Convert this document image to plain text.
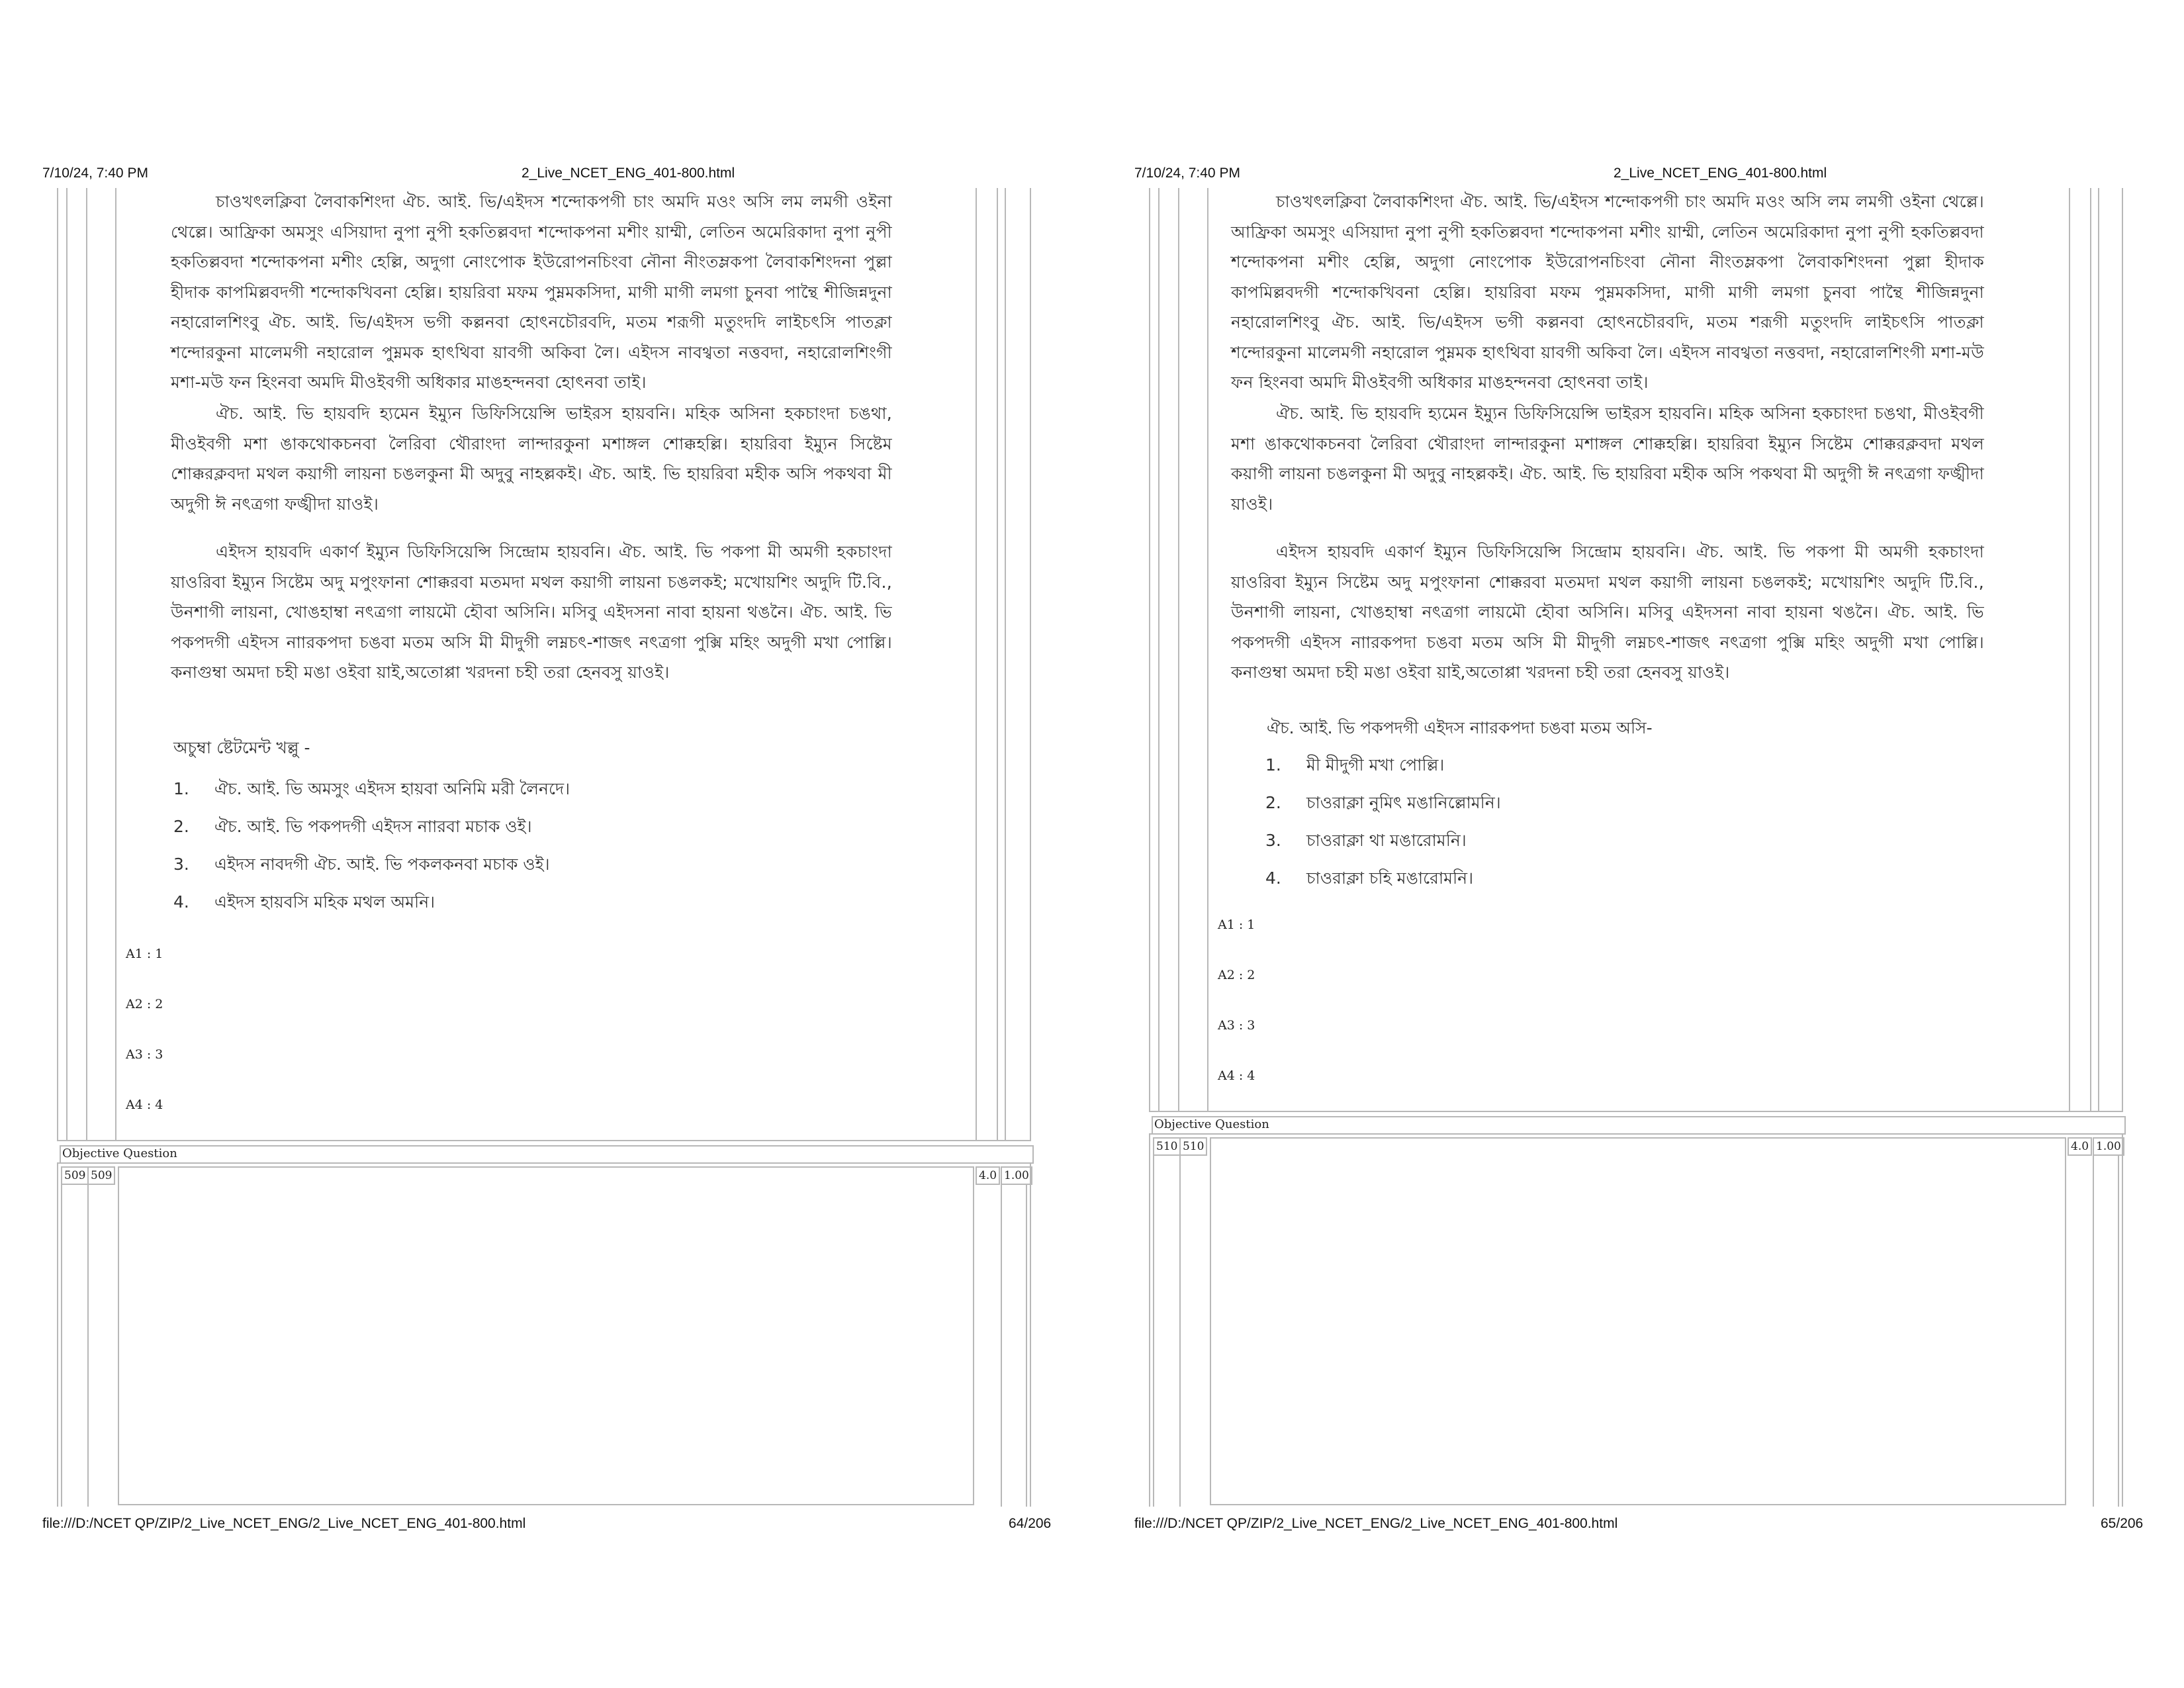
7/10/24, 7:40 PM	2_Live_NCET_ENG_401-800.html
চাওখৎলক্লিবা লৈবাকশিংদা ঐচ. আই. ভি/এইদস শন্দোকপগী চাং অমদি মওং অসি লম লমগী ওইনা থেল্লে। আফ্রিকা অমসুং এসিয়াদা নুপা নুপী হকতিল্লবদা শন্দোকপনা মশীং য়াম্মী, লেতিন অমেরিকাদা নুপা নুপী হকতিল্লবদা শন্দোকপনা মশীং হেল্লি, অদুগা নোংপোক ইউরোপনচিংবা নৌনা নীংতম্লকপা লৈবাকশিংদনা পুল্লা হীদাক কাপমিল্লবদগী শন্দোকখিবনা হেল্লি। হায়রিবা মফম পুম্নমকসিদা, মাগী মাগী লমগা চুনবা পান্থৈ শীজিন্নদুনা নহারোলশিংবু ঐচ. আই. ভি/এইদস ভগী কল্লনবা হোৎনচৌরবদি, মতম শরূগী মতুংদদি লাইচৎসি পাতক্লা শন্দোরকুনা মালেমগী নহারোল পুম্নমক হাৎথিবা য়াবগী অকিবা লৈ। এইদস নাবথ্বতা নত্তবদা, নহারোলশিংগী মশা-মউ ফন হিংনবা অমদি মীওইবগী অধিকার মাঙহন্দনবা হোৎনবা তাই।
ঐচ. আই. ভি হায়বদি হ্যমেন ইম্যুন ডিফিসিয়েন্সি ভাইরস হায়বনি। মহিক অসিনা হকচাংদা চঙথা, মীওইবগী মশা ঙাকথোকচনবা লৈরিবা থৌরাংদা লান্দারকুনা মশাঙ্গল শোক্কহল্লি। হায়রিবা ইম্যুন সিষ্টেম শোক্করক্লবদা মথল কয়াগী লায়না চঙলকুনা মী অদুবু নাহল্লকই। ঐচ. আই. ভি হায়রিবা মহীক অসি পকথবা মী অদুগী ঈ নৎত্রগা ফঙ্খীদা য়াওই।
এইদস হায়বদি একার্ণ ইম্যুন ডিফিসিয়েন্সি সিন্দ্রোম হায়বনি। ঐচ. আই. ভি পকপা মী অমগী হকচাংদা য়াওরিবা ইম্যুন সিষ্টেম অদু মপুংফানা শোক্করবা মতমদা মথল কয়াগী লায়না চঙলকই; মখোয়শিং অদুদি টি.বি., উনশাগী লায়না, খোঙহাম্বা নৎত্রগা লায়মৌ হৌবা অসিনি। মসিবু এইদসনা নাবা হায়না থঙনৈ। ঐচ. আই. ভি পকপদগী এইদস নাারকপদা চঙবা মতম অসি মী মীদুগী লম্নচৎ-শাজৎ নৎত্রগা পুক্সি মহিং অদুগী মখা পোল্লি। কনাগুম্বা অমদা চহী মঙা ওইবা য়াই,অতোপ্পা খরদনা চহী তরা হেনবসু য়াওই।
অচুম্বা ষ্টেটমেন্ট খল্লু -
1. ঐচ. আই. ভি অমসুং এইদস হায়বা অনিমি মরী লৈনদে।
2. ঐচ. আই. ভি পকপদগী এইদস নাারবা মচাক ওই।
3. এইদস নাবদগী ঐচ. আই. ভি পকলকনবা মচাক ওই।
4. এইদস হায়বসি মহিক মথল অমনি।
A1 : 1
A2 : 2
A3 : 3
A4 : 4
Objective Question
509 509	4.0 1.00
file:///D:/NCET QP/ZIP/2_Live_NCET_ENG/2_Live_NCET_ENG_401-800.html	64/206
7/10/24, 7:40 PM	2_Live_NCET_ENG_401-800.html
চাওখৎলক্লিবা লৈবাকশিংদা ঐচ. আই. ভি/এইদস শন্দোকপগী চাং অমদি মওং অসি লম লমগী ওইনা থেল্লে। আফ্রিকা অমসুং এসিয়াদা নুপা নুপী হকতিল্লবদা শন্দোকপনা মশীং য়াম্মী, লেতিন অমেরিকাদা নুপা নুপী হকতিল্লবদা শন্দোকপনা মশীং হেল্লি, অদুগা নোংপোক ইউরোপনচিংবা নৌনা নীংতম্লকপা লৈবাকশিংদনা পুল্লা হীদাক কাপমিল্লবদগী শন্দোকখিবনা হেল্লি। হায়রিবা মফম পুম্নমকসিদা, মাগী মাগী লমগা চুনবা পান্থৈ শীজিন্নদুনা নহারোলশিংবু ঐচ. আই. ভি/এইদস ভগী কল্লনবা হোৎনচৌরবদি, মতম শরূগী মতুংদদি লাইচৎসি পাতক্লা শন্দোরকুনা মালেমগী নহারোল পুম্নমক হাৎথিবা য়াবগী অকিবা লৈ। এইদস নাবথ্বতা নত্তবদা, নহারোলশিংগী মশা-মউ ফন হিংনবা অমদি মীওইবগী অধিকার মাঙহন্দনবা হোৎনবা তাই।
ঐচ. আই. ভি হায়বদি হ্যমেন ইম্যুন ডিফিসিয়েন্সি ভাইরস হায়বনি। মহিক অসিনা হকচাংদা চঙথা, মীওইবগী মশা ঙাকথোকচনবা লৈরিবা থৌরাংদা লান্দারকুনা মশাঙ্গল শোক্কহল্লি। হায়রিবা ইম্যুন সিষ্টেম শোক্করক্লবদা মথল কয়াগী লায়না চঙলকুনা মী অদুবু নাহল্লকই। ঐচ. আই. ভি হায়রিবা মহীক অসি পকথবা মী অদুগী ঈ নৎত্রগা ফঙ্খীদা য়াওই।
এইদস হায়বদি একার্ণ ইম্যুন ডিফিসিয়েন্সি সিন্দ্রোম হায়বনি। ঐচ. আই. ভি পকপা মী অমগী হকচাংদা য়াওরিবা ইম্যুন সিষ্টেম অদু মপুংফানা শোক্করবা মতমদা মথল কয়াগী লায়না চঙলকই; মখোয়শিং অদুদি টি.বি., উনশাগী লায়না, খোঙহাম্বা নৎত্রগা লায়মৌ হৌবা অসিনি। মসিবু এইদসনা নাবা হায়না থঙনৈ। ঐচ. আই. ভি পকপদগী এইদস নাারকপদা চঙবা মতম অসি মী মীদুগী লম্নচৎ-শাজৎ নৎত্রগা পুক্সি মহিং অদুগী মখা পোল্লি। কনাগুম্বা অমদা চহী মঙা ওইবা য়াই,অতোপ্পা খরদনা চহী তরা হেনবসু য়াওই।
ঐচ. আই. ভি পকপদগী এইদস নাারকপদা চঙবা মতম অসি-
1. মী মীদুগী মখা পোল্লি।
2. চাওরাক্লা নুমিৎ মঙানিল্লোমনি।
3. চাওরাক্লা থা মঙারোমনি।
4. চাওরাক্লা চহি মঙারোমনি।
A1 : 1
A2 : 2
A3 : 3
A4 : 4
Objective Question
510 510	4.0 1.00
file:///D:/NCET QP/ZIP/2_Live_NCET_ENG/2_Live_NCET_ENG_401-800.html	65/206
